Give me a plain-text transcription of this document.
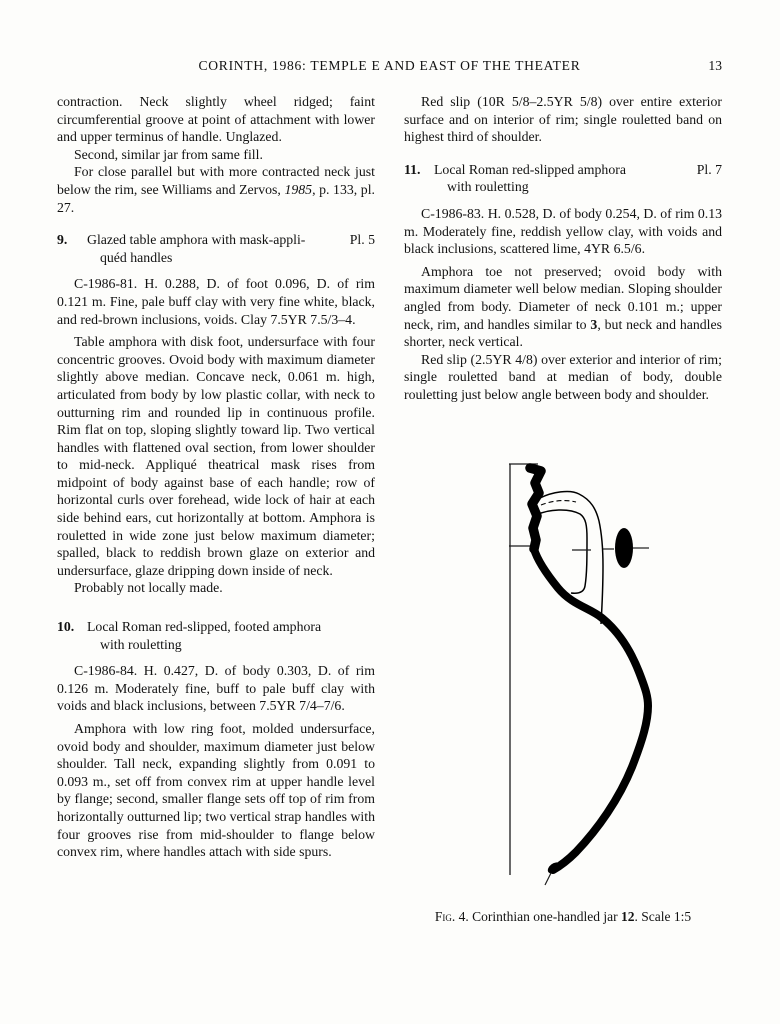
CORINTH, 1986: TEMPLE E AND EAST OF THE THEATER	13

contraction. Neck slightly wheel ridged; faint circumferential groove at point of attachment with lower and upper terminus of handle. Unglazed.

Second, similar jar from same fill.

For close parallel but with more contracted neck just below the rim, see Williams and Zervos, 1985, p. 133, pl. 27.

9.	Glazed table amphora with mask-appli-
quéd handles
Pl. 5

C-1986-81. H. 0.288, D. of foot 0.096, D. of rim 0.121 m. Fine, pale buff clay with very fine white, black, and red-brown inclusions, voids. Clay 7.5YR 7.5/3–4.

Table amphora with disk foot, undersurface with four concentric grooves. Ovoid body with maximum diameter slightly above median. Concave neck, 0.061 m. high, articulated from body by low plastic collar, with neck to outturning rim and rounded lip in continuous profile. Rim flat on top, sloping slightly toward lip. Two vertical handles with flattened oval section, from lower shoulder to mid-neck. Appliqué theatrical mask rises from midpoint of body against base of each handle; row of horizontal curls over forehead, wide lock of hair at each side behind ears, cut horizontally at bottom. Amphora is rouletted in wide zone just below maximum diameter; spalled, black to reddish brown glaze on exterior and undersurface, glaze dripping down inside of neck.

Probably not locally made.

10. Local Roman red-slipped, footed amphora
with rouletting

C-1986-84. H. 0.427, D. of body 0.303, D. of rim 0.126 m. Moderately fine, buff to pale buff clay with voids and black inclusions, between 7.5YR 7/4–7/6.

Amphora with low ring foot, molded undersurface, ovoid body and shoulder, maximum diameter just below shoulder. Tall neck, expanding slightly from 0.091 to 0.093 m., set off from convex rim at upper handle level by flange; second, smaller flange sets off top of rim from horizontally outturned lip; two vertical strap handles with four grooves rise from mid-shoulder to flange below convex rim, where handles attach with side spurs.

Red slip (10R 5/8–2.5YR 5/8) over entire exterior surface and on interior of rim; single rouletted band on highest third of shoulder.

11. Local Roman red-slipped amphora
with rouletting
Pl. 7

C-1986-83. H. 0.528, D. of body 0.254, D. of rim 0.13 m. Moderately fine, reddish yellow clay, with voids and black inclusions, scattered lime, 4YR 6.5/6.

Amphora toe not preserved; ovoid body with maximum diameter well below median. Sloping shoulder angled from body. Diameter of neck 0.101 m.; upper neck, rim, and handles similar to 3, but neck and handles shorter, neck vertical.

Red slip (2.5YR 4/8) over exterior and interior of rim; single rouletted band at median of body, double rouletting just below angle between body and shoulder.

Fig. 4. Corinthian one-handled jar 12. Scale 1:5
